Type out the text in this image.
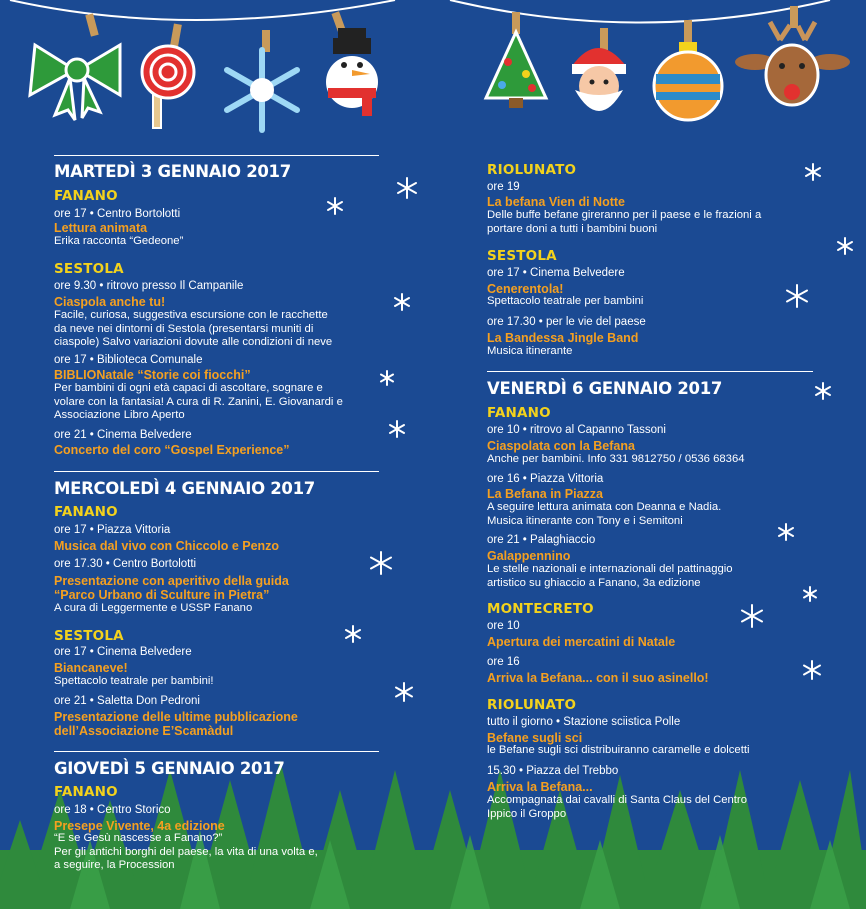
MARTEDÌ 3 GENNAIO 2017
FANANO
ore 17 • Centro Bortolotti
Lettura animata
Erika racconta “Gedeone”
SESTOLA
ore 9.30 • ritrovo presso Il Campanile
Ciaspola anche tu!
Facile, curiosa, suggestiva escursione con le racchette
da neve nei dintorni di Sestola (presentarsi muniti di
ciaspole) Salvo variazioni dovute alle condizioni di neve
ore 17 • Biblioteca Comunale
BIBLIONatale “Storie coi fiocchi”
Per bambini di ogni età capaci di ascoltare, sognare e
volare con la fantasia! A cura di R. Zanini, E. Giovanardi e
Associazione Libro Aperto
ore 21 • Cinema Belvedere
Concerto del coro “Gospel Experience”
MERCOLEDÌ 4 GENNAIO 2017
FANANO
ore 17 • Piazza Vittoria
Musica dal vivo con Chiccolo e Penzo
ore 17.30 • Centro Bortolotti
Presentazione con aperitivo della guida
“Parco Urbano di Sculture in Pietra”
A cura di Leggermente e USSP Fanano
SESTOLA
ore 17 • Cinema Belvedere
Biancaneve!
Spettacolo teatrale per bambini!
ore 21 • Saletta Don Pedroni
Presentazione delle ultime pubblicazione
dell’Associazione E’Scamàdul
GIOVEDÌ 5 GENNAIO 2017
FANANO
ore 18 • Centro Storico
Presepe Vivente, 4a edizione
“E se Gesù nascesse a Fanano?”
Per gli antichi borghi del paese, la vita di una volta e,
a seguire, la Procession
RIOLUNATO
ore 19
La befana Vien di Notte
Delle buffe befane gireranno per il paese e le frazioni a
portare doni a tutti i bambini buoni
SESTOLA
ore 17 • Cinema Belvedere
Cenerentola!
Spettacolo teatrale per bambini
ore 17.30 • per le vie del paese
La Bandessa Jingle Band
Musica itinerante
VENERDÌ 6 GENNAIO 2017
FANANO
ore 10 • ritrovo al Capanno Tassoni
Ciaspolata con la Befana
Anche per bambini. Info 331 9812750 / 0536 68364
ore 16 • Piazza Vittoria
La Befana in Piazza
A seguire lettura animata con Deanna e Nadia.
Musica itinerante con Tony e i Semitoni
ore 21 • Palaghiaccio
Galappennino
Le stelle nazionali e internazionali del pattinaggio
artistico su ghiaccio a Fanano, 3a edizione
MONTECRETO
ore 10
Apertura dei mercatini di Natale
ore 16
Arriva la Befana... con il suo asinello!
RIOLUNATO
tutto il giorno • Stazione sciistica Polle
Befane sugli sci
le Befane sugli sci distribuiranno caramelle e dolcetti
15.30 • Piazza del Trebbo
Arriva la Befana...
Accompagnata dai cavalli di Santa Claus del Centro
Ippico il Groppo
